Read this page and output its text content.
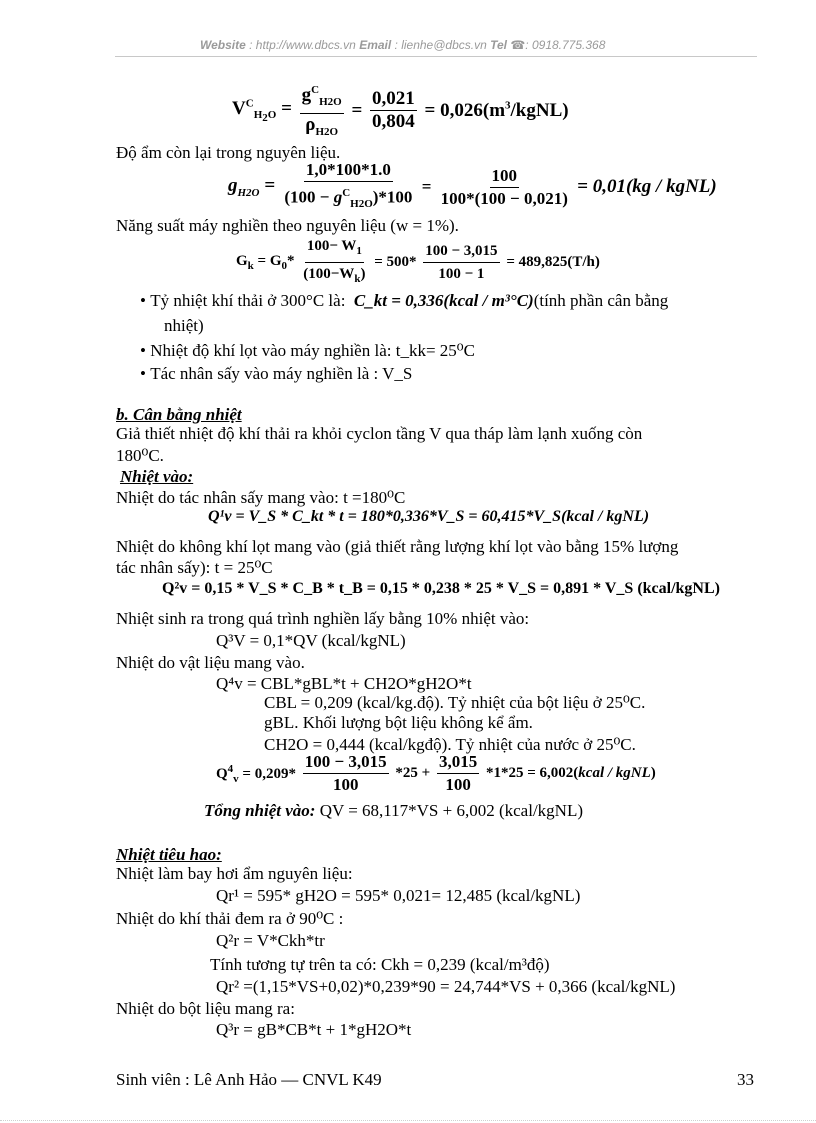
Website : http://www.dbcs.vn Email : lienhe@dbcs.vn Tel ☎: 0918.775.368
$V^C_{H_2O} = \frac{g^C_{H2O}}{\rho_{H2O}} = \frac{0,021}{0,804}$ = $0,026(m^3/kgNL)$
Độ ẩm còn lại trong nguyên liệu.
$g_{H2O} = \frac{1,0*100*1.0}{(100 - g^C_{H2O})*100} = \frac{100}{100*(100 - 0,021)} = 0,01(kg$ / kgNL)
Năng suất máy nghiền theo nguyên liệu (w = 1%).
$G_k = G_0* \frac{100- W_1}{(100-W_k)} = 500* \frac{100 - 3,015}{100 - 1} = 489,825(T/h)$
• Tỷ nhiệt khí thải ở 300°C là: C_kt = 0,336(kcal / m³°C)(tính phần cân bằng
nhiệt)
• Nhiệt độ khí lọt vào máy nghiền là: t_kk= 25⁰C
• Tác nhân sấy vào máy nghiền là : V_S
b. Cân bằng nhiệt
Giả thiết nhiệt độ khí thải ra khỏi cyclon tầng V qua tháp làm lạnh xuống còn
180⁰C.
Nhiệt vào:
Nhiệt do tác nhân sấy mang vào: t =180⁰C
Q¹v = V_S * C_kt * t = 180*0,336*V_S = 60,415*V_S(kcal / kgNL)
Nhiệt do không khí lọt mang vào (giả thiết rằng lượng khí lọt vào bằng 15% lượng
tác nhân sấy): t = 25⁰C
Q²v = 0,15 * V_S * C_B * t_B = 0,15 * 0,238 * 25 * V_S = 0,891 * V_S (kcal/kgNL)
Nhiệt sinh ra trong quá trình nghiền lấy bằng 10% nhiệt vào:
Q³V = 0,1*QV (kcal/kgNL)
Nhiệt do vật liệu mang vào.
Q⁴v = CBL*gBL*t + CH2O*gH2O*t
CBL = 0,209 (kcal/kg.độ). Tỷ nhiệt của bột liệu ở 25⁰C.
gBL. Khối lượng bột liệu không kể ẩm.
CH2O = 0,444 (kcal/kgđộ). Tỷ nhiệt của nước ở 25⁰C.
$Q^4_v = 0,209* \frac{100 - 3,015}{100} *25 + \frac{3,015}{100} *1*25$ = 6,002(kcal / kgNL)
Tổng nhiệt vào: QV = 68,117*VS + 6,002 (kcal/kgNL)
Nhiệt tiêu hao:
Nhiệt làm bay hơi ẩm nguyên liệu:
Qr¹ = 595* gH2O = 595* 0,021= 12,485 (kcal/kgNL)
Nhiệt do khí thải đem ra ở 90⁰C :
Q²r = V*Ckh*tr
Tính tương tự trên ta có: Ckh = 0,239 (kcal/m³độ)
Qr² =(1,15*VS+0,02)*0,239*90 = 24,744*VS + 0,366 (kcal/kgNL)
Nhiệt do bột liệu mang ra:
Q³r = gB*CB*t + 1*gH2O*t
Sinh viên : Lê Anh Hảo — CNVL K49	33
